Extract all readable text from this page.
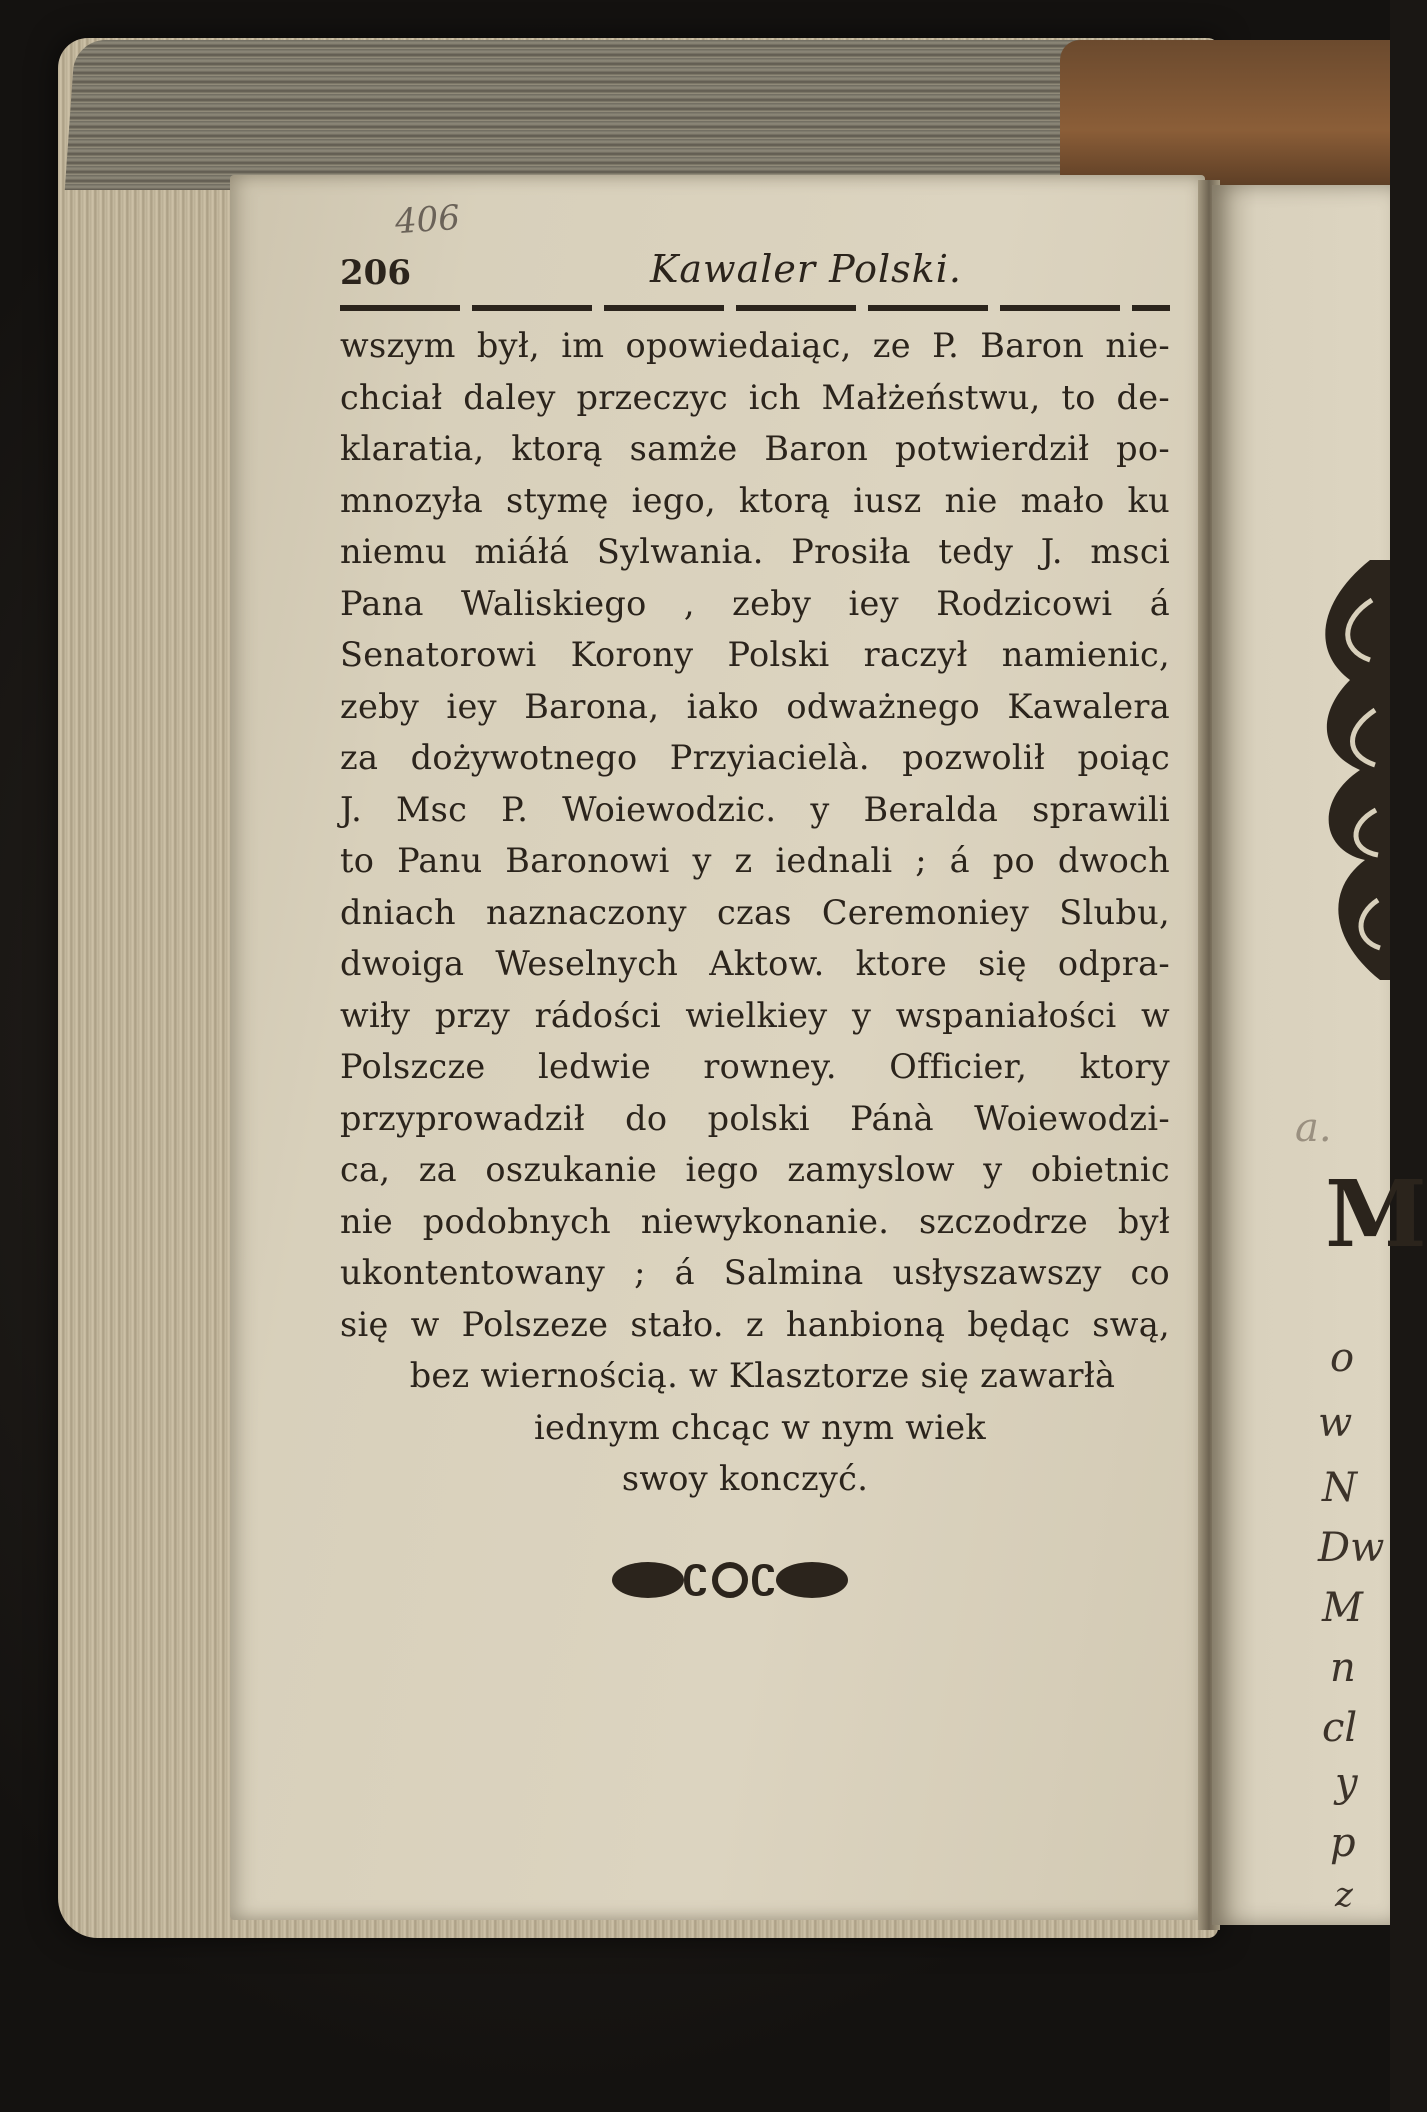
406
206	Kawaler Polski.
wszym był, im opowiedaiąc, ze P. Baron nie-
chciał daley przeczyc ich Małżeństwu, to de-
klaratia, ktorą samże Baron potwierdził po-
mnozyła stymę iego, ktorą iusz nie mało ku
niemu miáłá Sylwania. Prosiła tedy J. msci
Pana Waliskiego , zeby iey Rodzicowi á
Senatorowi Korony Polski raczył namienic,
zeby iey Barona, iako odważnego Kawalera
za dożywotnego Przyiacielà. pozwolił poiąc
J. Msc P. Woiewodzic. y Beralda sprawili
to Panu Baronowi y z iednali ; á po dwoch
dniach naznaczony czas Ceremoniey Slubu,
dwoiga Weselnych Aktow. ktore się odpra-
wiły przy rádości wielkiey y wspaniałości w
Polszcze ledwie rowney. Officier, ktory
przyprowadził do polski Pánà Woiewodzi-
ca, za oszukanie iego zamyslow y obietnic
nie podobnych niewykonanie. szczodrze był
ukontentowany ; á Salmina usłyszawszy co
się w Polszeze stało. z hanbioną będąc swą,
bez wiernością. w Klasztorze się zawarłà
iednym chcąc w nym wiek
swoy konczyć.
M
a.
o
w
N
Dw
M
n
cl
y
p
z
